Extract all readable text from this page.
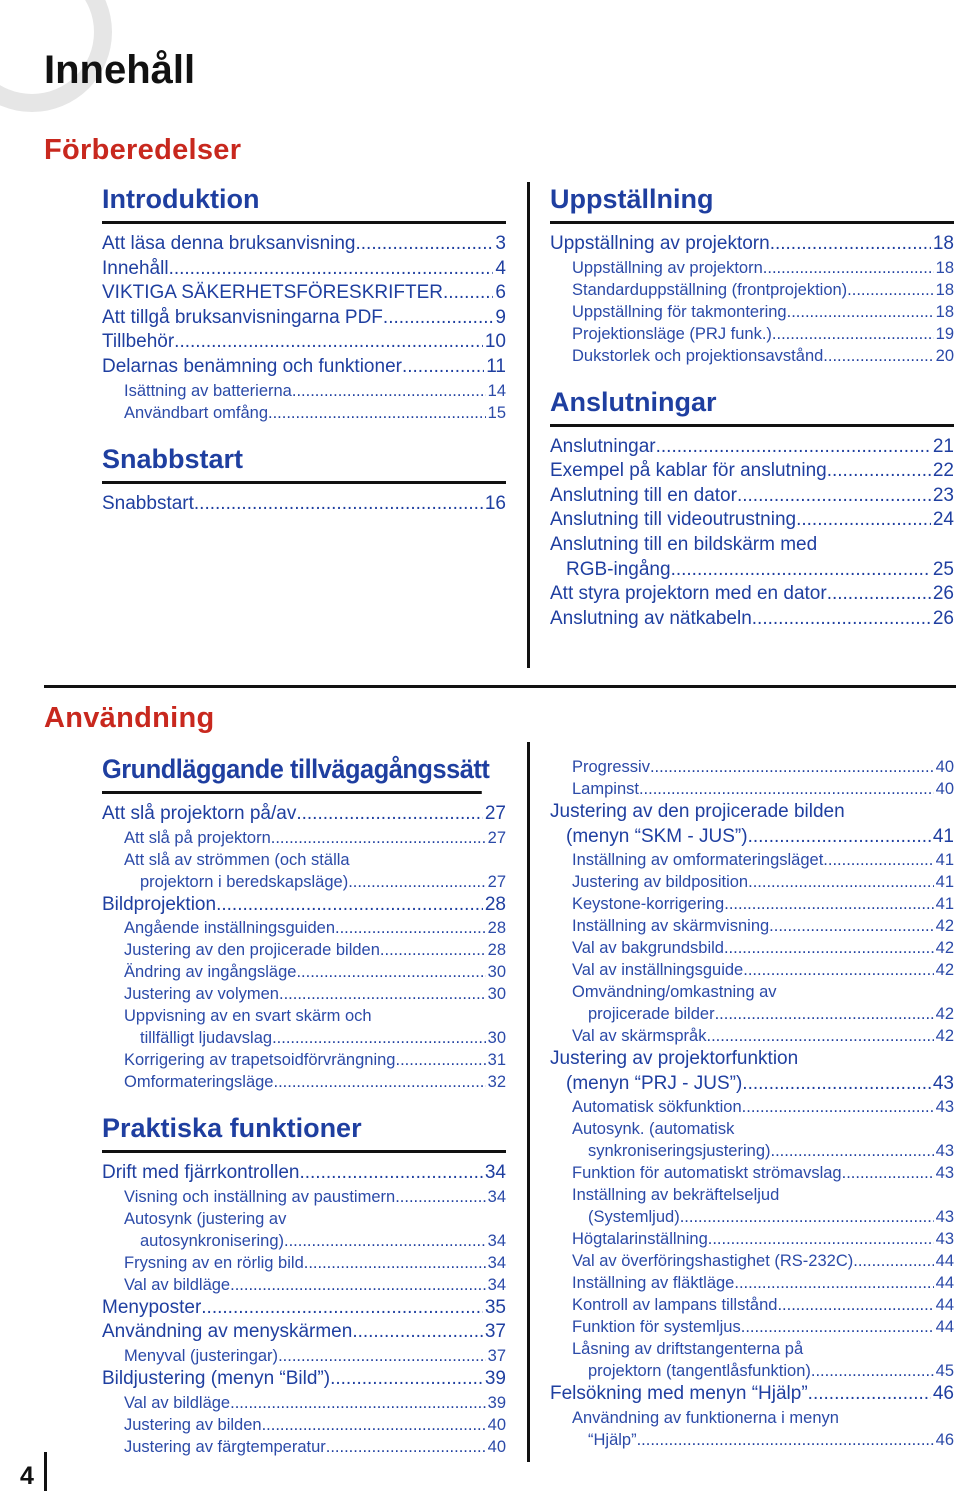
Innehåll
Förberedelser
Användning
Introduktion
Att läsa denna bruksanvisning .....	3
Innehåll .....	4
VIKTIGA SÄKERHETSFÖRESKRIFTER .....	6
Att tillgå bruksanvisningarna PDF .....	9
Tillbehör .....	10
Delarnas benämning och funktioner .....	11
Isättning av batterierna .....	14
Användbart omfång .....	15
Snabbstart
Snabbstart .....	16
Uppställning
Uppställning av projektorn .....	18
Uppställning av projektorn .....	18
Standarduppställning (frontprojektion) .....	18
Uppställning för takmontering .....	18
Projektionsläge (PRJ funk.) .....	19
Dukstorlek och projektionsavstånd .....	20
Anslutningar
Anslutningar .....	21
Exempel på kablar för anslutning .....	22
Anslutning till en dator .....	23
Anslutning till videoutrustning .....	24
Anslutning till en bildskärm med
RGB-ingång .....	25
Att styra projektorn med en dator .....	26
Anslutning av nätkabeln .....	26
Grundläggande tillvägagångssätt
Att slå projektorn på/av .....	27
Att slå på projektorn .....	27
Att slå av strömmen (och ställa
projektorn i beredskapsläge) .....	27
Bildprojektion .....	28
Angående inställningsguiden .....	28
Justering av den projicerade bilden .....	28
Ändring av ingångsläge .....	30
Justering av volymen .....	30
Uppvisning av en svart skärm och
tillfälligt ljudavslag .....	30
Korrigering av trapetsoidförvrängning .....	31
Omformateringsläge .....	32
Praktiska funktioner
Drift med fjärrkontrollen .....	34
Visning och inställning av paustimern .....	34
Autosynk (justering av
autosynkronisering) .....	34
Frysning av en rörlig bild .....	34
Val av bildläge .....	34
Menyposter .....	35
Användning av menyskärmen .....	37
Menyval (justeringar) .....	37
Bildjustering (menyn “Bild”) .....	39
Val av bildläge .....	39
Justering av bilden .....	40
Justering av färgtemperatur .....	40
Progressiv .....	40
Lampinst. .....	40
Justering av den projicerade bilden
(menyn “SKM - JUS”) .....	41
Inställning av omformateringsläget .....	41
Justering av bildposition .....	41
Keystone-korrigering .....	41
Inställning av skärmvisning .....	42
Val av bakgrundsbild .....	42
Val av inställningsguide .....	42
Omvändning/omkastning av
projicerade bilder .....	42
Val av skärmspråk .....	42
Justering av projektorfunktion
(menyn “PRJ - JUS”) .....	43
Automatisk sökfunktion .....	43
Autosynk. (automatisk
synkroniseringsjustering) .....	43
Funktion för automatiskt strömavslag .....	43
Inställning av bekräftelseljud
(Systemljud) .....	43
Högtalarinställning .....	43
Val av överföringshastighet (RS-232C) .....	44
Inställning av fläktläge .....	44
Kontroll av lampans tillstånd .....	44
Funktion för systemljus .....	44
Låsning av driftstangenterna på
projektorn (tangentlåsfunktion) .....	45
Felsökning med menyn “Hjälp” .....	46
Användning av funktionerna i menyn
“Hjälp” .....	46
4
